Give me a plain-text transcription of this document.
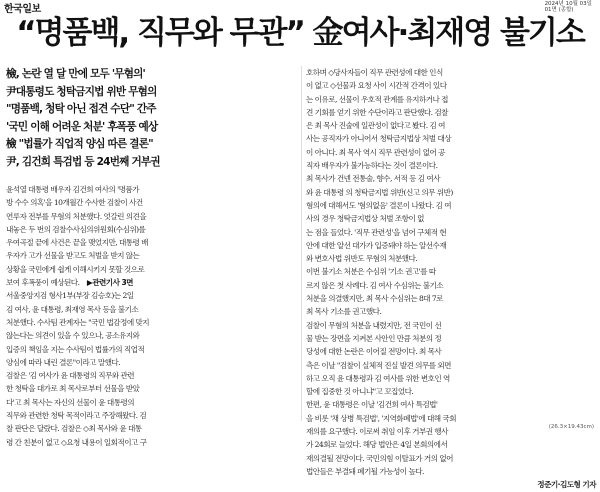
한국일보	2024년 10월 03일
01면 (종합)
“명품백, 직무와 무관” 金여사·최재영 불기소
檢, 논란 열 달 만에 모두 '무혐의'
尹대통령도 청탁금지법 위반 무혐의
"명품백, 청탁 아닌 접견 수단" 간주
'국민 이해 어려운 처분' 후폭풍 예상
檢 "법률가 직업적 양심 따른 결론"
尹, 김건희 특검법 등 24번째 거부권
윤석열 대통령 배우자 김건희 여사의 '명품가
방 수수 의혹'을 10개월간 수사한 검찰이 사건
연루자 전부를 무혐의 처분했다. 엇갈린 의견을
내놓은 두 번의 검찰수사심의위원회(수심위)를
우여곡절 끝에 사건은 끝을 맺었지만, 대통령 배
우자가 고가 선물을 받고도 처벌을 받지 않는
상황을 국민에게 쉽게 이해시키지 못할 것으로
보여 후폭풍이 예상된다. ▶관련기사 3면
서울중앙지검 형사1부(부장 김승호)는 2일
김 여사, 윤 대통령, 최재영 목사 등을 불기소
처분했다. 수사팀 관계자는 "국민 법감정에 맞지
않는다는 의견이 있을 수 있으나, 공소유지와
입증의 책임을 지는 수사팀이 법률가의 직업적
양심에 따라 내린 결론"이라고 말했다.
검찰은 '김 여사가 윤 대통령의 직무와 관련
한 청탁을 대가로 최 목사로부터 선물을 받았
다'고 최 목사는 자신의 선물이 윤 대통령의
직무와 관련한 청탁 목적이라고 주장해왔다. 검
찰 판단은 달랐다. 검찰은 ◇최 목사와 윤 대통
령 간 친분이 없고 ◇요청 내용이 일회적이고 구
호하며 ◇당사자들이 직무 관련성에 대한 인식
이 없고 ◇선물과 요청 사이 시간적 간격이 있다
는 이유로, 선물이 우호적 관계를 유지하거나 접
견 기회를 얻기 위한 수단이라고 판단했다. 검찰
은 최 목사 진술에 일관성이 없다고 봤다. 김 여
사는 공직자가 아니어서 청탁금지법상 처벌 대상
이 아니다. 최 목사 역시 직무 관련성이 없어 공
직자 배우자가 불가능하다는 것이 결론이다.
최 목사가 건넨 전통술, 향수, 서적 등 김 여사
와 윤 대통령 의 청탁금지법 위반(신고 의무 위반)
혐의에 대해서도 '혐의없음' 결론이 나왔다. 김 여
사의 경우 청탁금지법상 처벌 조항이 없
는 점을 들었다. '직무 관련성'을 넘어 구체적 현
안에 대한 알선 대가가 입증돼야 하는 알선수재
와 변호사법 위반도 무혐의 처분했다.
이번 불기소 처분은 수심위 '기소 권고'를 따
르지 않은 첫 사례다. 김 여사 수심위는 불기소
처분을 의결했지만, 최 목사 수심위는 8대 7로
최 목사 기소를 권고했다.
검찰이 무혐의 처분을 내렸지만, 전 국민이 선
물 받는 장면을 지켜본 사안인 만큼 처분의 정
당성에 대한 논란은 이어질 전망이다. 최 목사
측은 이날 "검찰이 실체적 진실 발견 의무를 외면
하고 오직 윤 대통령과 김 여사를 위한 변호인 역
할에 집중한 것 아니냐"고 꼬집었다.
한편, 윤 대통령은 이날 '김건희 여사 특검법'
을 비롯 '채 상병 특검법', '지역화폐법'에 대해 국회
재의를 요구했다. 이로써 취임 이후 거부권 행사
가 24회로 늘었다. 해당 법안은 4일 본회의에서
재의결될 전망이다. 국민의힘 이탈표가 거의 없어
법안들은 부결돼 폐기될 가능성이 높다.
정준기·김도형 기자
(26.3×19.43cm)
